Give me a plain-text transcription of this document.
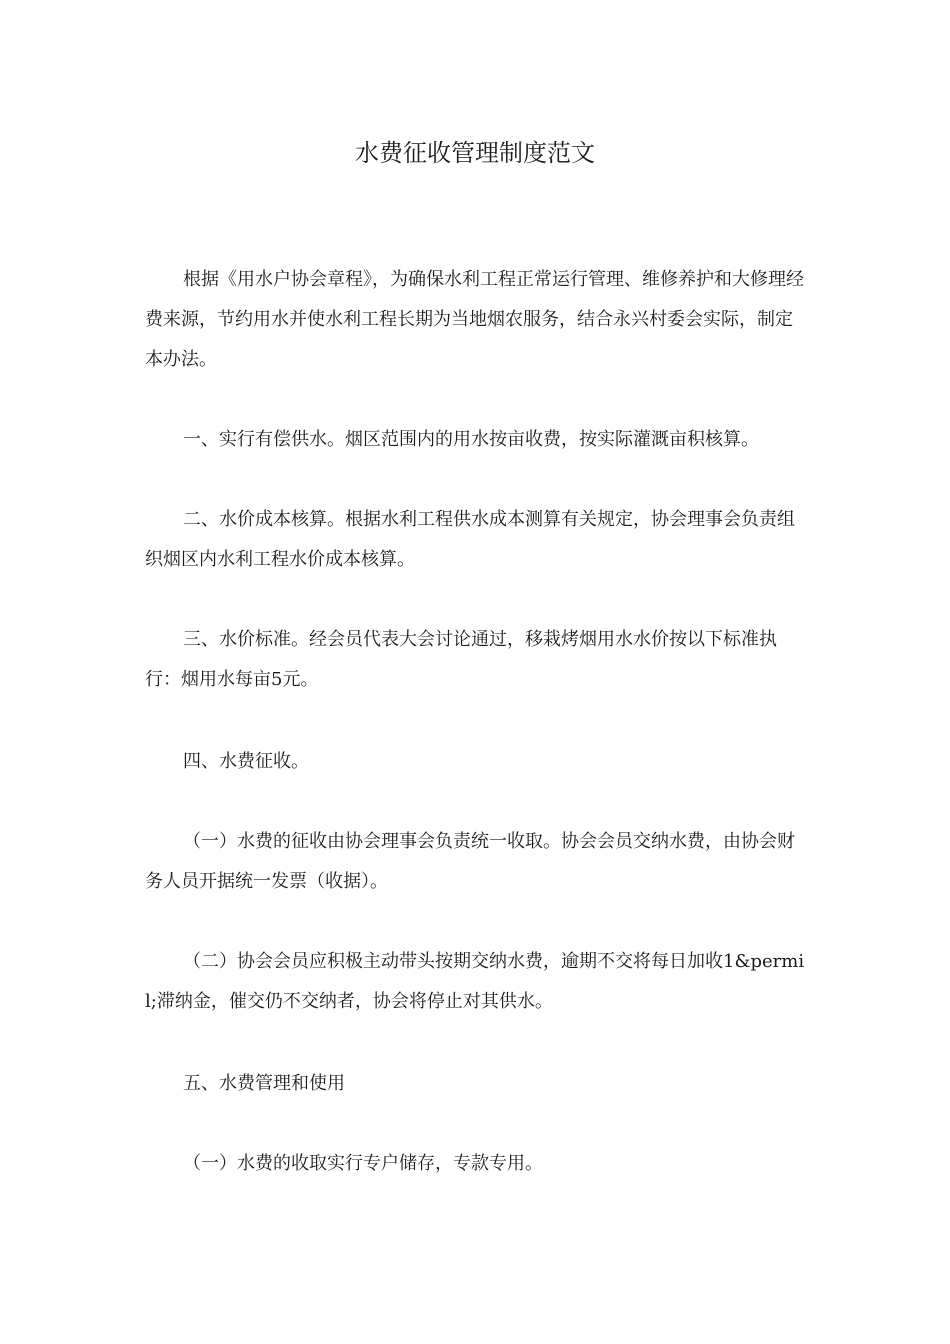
水费征收管理制度范文

根据《用水户协会章程》，为确保水利工程正常运行管理、维修养护和大修理经费来源，节约用水并使水利工程长期为当地烟农服务，结合永兴村委会实际，制定本办法。

一、实行有偿供水。烟区范围内的用水按亩收费，按实际灌溉亩积核算。

二、水价成本核算。根据水利工程供水成本测算有关规定，协会理事会负责组织烟区内水利工程水价成本核算。

三、水价标准。经会员代表大会讨论通过，移栽烤烟用水水价按以下标准执行：烟用水每亩5元。

四、水费征收。

（一）水费的征收由协会理事会负责统一收取。协会会员交纳水费，由协会财务人员开据统一发票（收据）。

（二）协会会员应积极主动带头按期交纳水费，逾期不交将每日加收1&permil;滞纳金，催交仍不交纳者，协会将停止对其供水。

五、水费管理和使用

（一）水费的收取实行专户储存，专款专用。
